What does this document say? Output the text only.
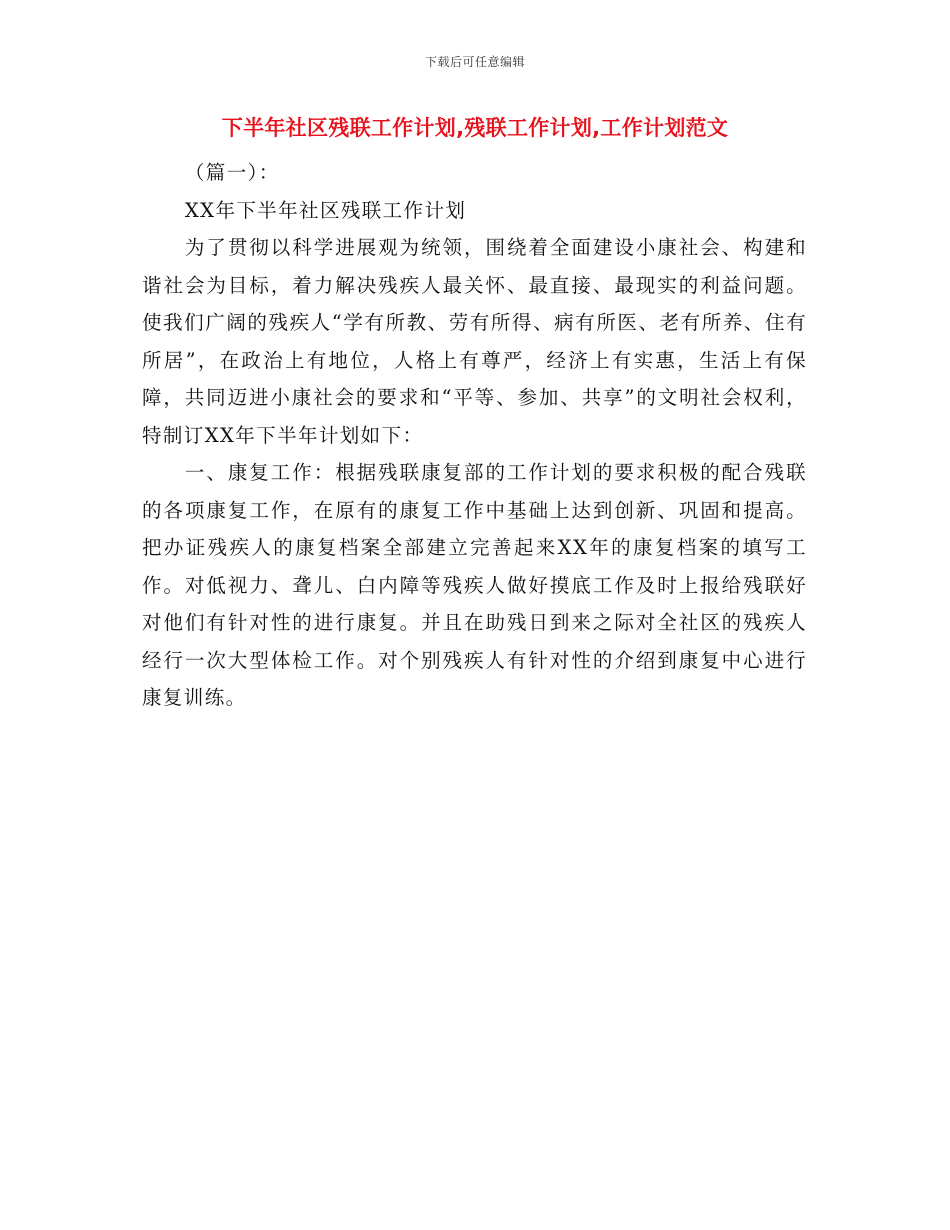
下载后可任意编辑
下半年社区残联工作计划,残联工作计划,工作计划范文

（篇一）：

XX年下半年社区残联工作计划

为了贯彻以科学进展观为统领，围绕着全面建设小康社会、构建和谐社会为目标，着力解决残疾人最关怀、最直接、最现实的利益问题。使我们广阔的残疾人“学有所教、劳有所得、病有所医、老有所养、住有所居”，在政治上有地位，人格上有尊严，经济上有实惠，生活上有保障，共同迈进小康社会的要求和“平等、参加、共享”的文明社会权利，特制订XX年下半年计划如下：

一、康复工作：根据残联康复部的工作计划的要求积极的配合残联的各项康复工作，在原有的康复工作中基础上达到创新、巩固和提高。把办证残疾人的康复档案全部建立完善起来XX年的康复档案的填写工作。对低视力、聋儿、白内障等残疾人做好摸底工作及时上报给残联好对他们有针对性的进行康复。并且在助残日到来之际对全社区的残疾人经行一次大型体检工作。对个别残疾人有针对性的介绍到康复中心进行康复训练。
